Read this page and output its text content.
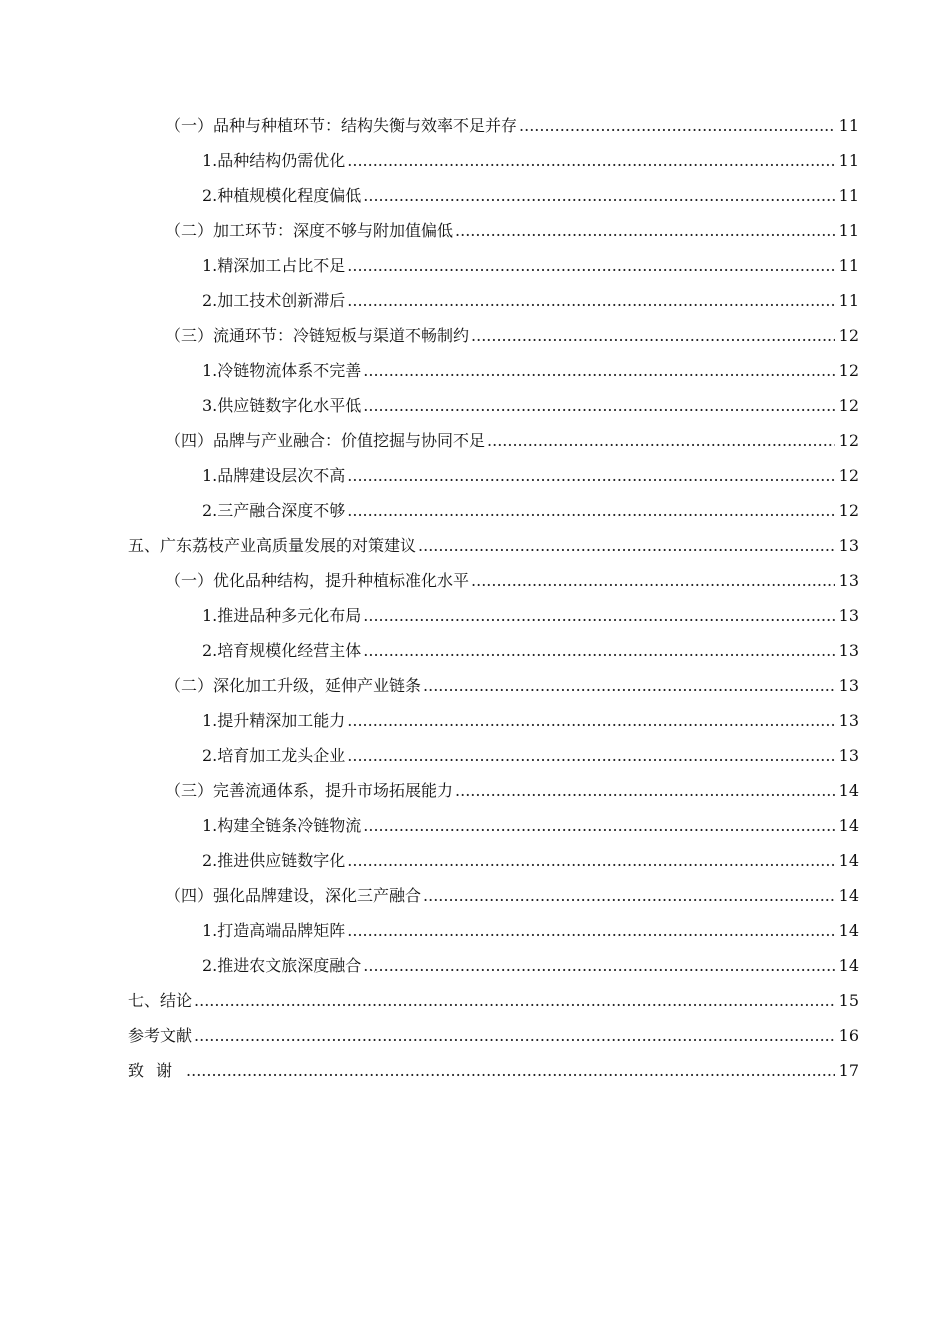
（一）品种与种植环节：结构失衡与效率不足并存 .....	11
1.品种结构仍需优化 .....	11
2.种植规模化程度偏低 .....	11
（二）加工环节：深度不够与附加值偏低 .....	11
1.精深加工占比不足 .....	11
2.加工技术创新滞后 .....	11
（三）流通环节：冷链短板与渠道不畅制约 .....	12
1.冷链物流体系不完善 .....	12
3.供应链数字化水平低 .....	12
（四）品牌与产业融合：价值挖掘与协同不足 .....	12
1.品牌建设层次不高 .....	12
2.三产融合深度不够 .....	12
五、广东荔枝产业高质量发展的对策建议 .....	13
（一）优化品种结构，提升种植标准化水平 .....	13
1.推进品种多元化布局 .....	13
2.培育规模化经营主体 .....	13
（二）深化加工升级，延伸产业链条 .....	13
1.提升精深加工能力 .....	13
2.培育加工龙头企业 .....	13
（三）完善流通体系，提升市场拓展能力 .....	14
1.构建全链条冷链物流 .....	14
2.推进供应链数字化 .....	14
（四）强化品牌建设，深化三产融合 .....	14
1.打造高端品牌矩阵 .....	14
2.推进农文旅深度融合 .....	14
七、结论 .....	15
参考文献 .....	16
致谢 .....	17
